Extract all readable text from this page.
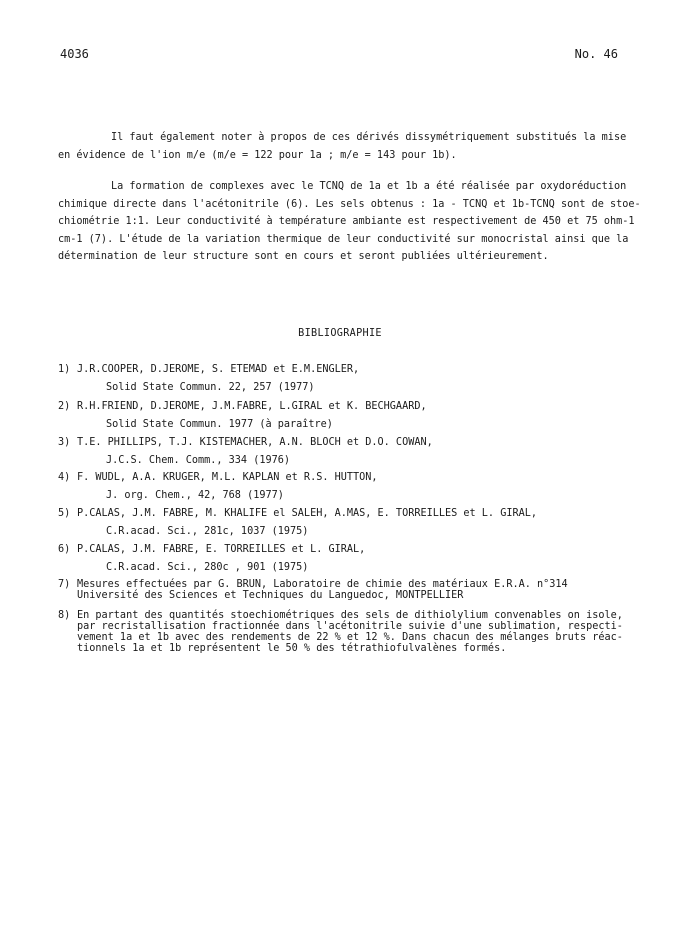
4036	No. 46
Il faut également noter à propos de ces dérivés dissymétriquement substitués la mise
en évidence de l'ion m/e (m/e = 122 pour 1a ; m/e = 143 pour 1b).
La formation de complexes avec le TCNQ de 1a et 1b a été réalisée par oxydoréduction
chimique directe dans l'acétonitrile (6). Les sels obtenus : 1a - TCNQ et 1b-TCNQ sont de stoe-
chiométrie 1:1. Leur conductivité à température ambiante est respectivement de 450 et 75 ohm-1
cm-1 (7). L'étude de la variation thermique de leur conductivité sur monocristal ainsi que la
détermination de leur structure sont en cours et seront publiées ultérieurement.
BIBLIOGRAPHIE
1) J.R.COOPER, D.JEROME, S. ETEMAD et E.M.ENGLER,
Solid State Commun. 22, 257 (1977)
2) R.H.FRIEND, D.JEROME, J.M.FABRE, L.GIRAL et K. BECHGAARD,
Solid State Commun. 1977 (à paraître)
3) T.E. PHILLIPS, T.J. KISTEMACHER, A.N. BLOCH et D.O. COWAN,
J.C.S. Chem. Comm., 334 (1976)
4) F. WUDL, A.A. KRUGER, M.L. KAPLAN et R.S. HUTTON,
J. org. Chem., 42, 768 (1977)
5) P.CALAS, J.M. FABRE, M. KHALIFE el SALEH, A.MAS, E. TORREILLES et L. GIRAL,
C.R.acad. Sci., 281c, 1037 (1975)
6) P.CALAS, J.M. FABRE, E. TORREILLES et L. GIRAL,
C.R.acad. Sci., 280c , 901 (1975)
7) Mesures effectuées par G. BRUN, Laboratoire de chimie des matériaux E.R.A. n°314
Université des Sciences et Techniques du Languedoc, MONTPELLIER
8) En partant des quantités stoechiométriques des sels de dithiolylium convenables on isole,
par recristallisation fractionnée dans l'acétonitrile suivie d'une sublimation, respecti-
vement 1a et 1b avec des rendements de 22 % et 12 %. Dans chacun des mélanges bruts réac-
tionnels 1a et 1b représentent le 50 % des tétrathiofulvalènes formés.
